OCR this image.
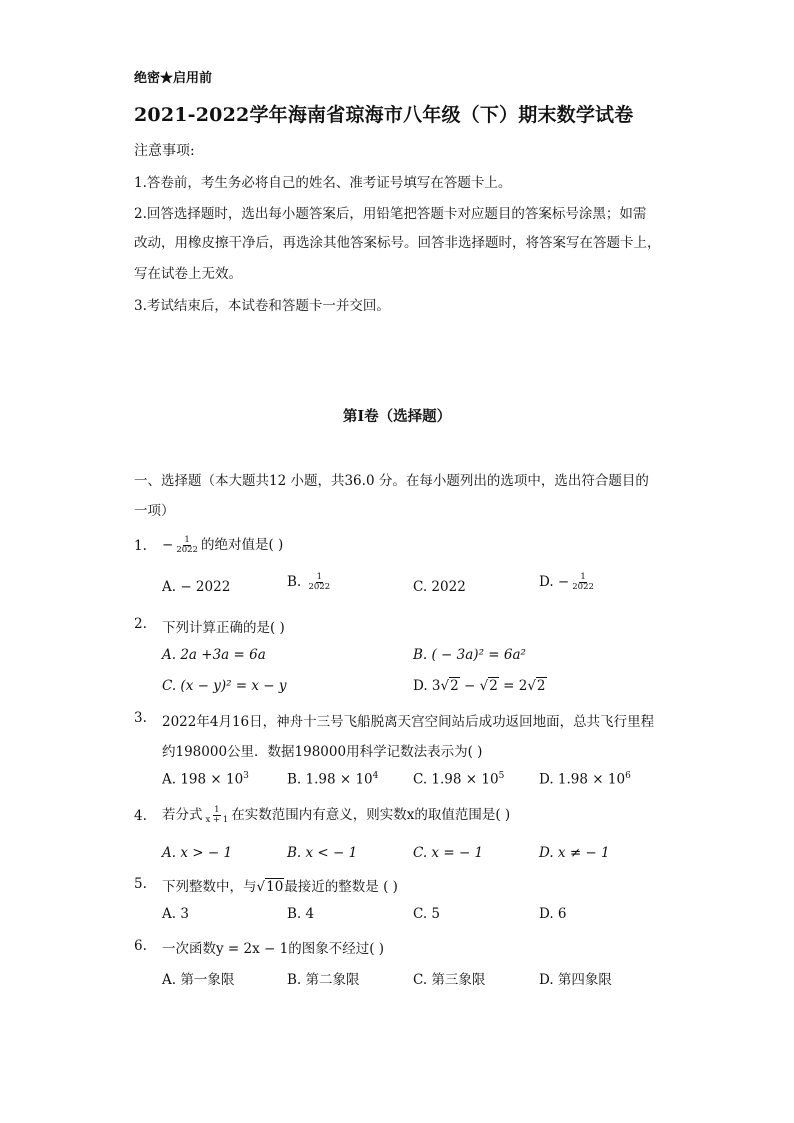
绝密★启用前
2021-2022学年海南省琼海市八年级（下）期末数学试卷
注意事项:
1.答卷前，考生务必将自己的姓名、准考证号填写在答题卡上。
2.回答选择题时，选出每小题答案后，用铅笔把答题卡对应题目的答案标号涂黑；如需
改动，用橡皮擦干净后，再选涂其他答案标号。回答非选择题时，将答案写在答题卡上，
写在试卷上无效。
3.考试结束后，本试卷和答题卡一并交回。
第I卷（选择题）
一、选择题（本大题共12 小题，共36.0 分。在每小题列出的选项中，选出符合题目的
一项）
1. − $\frac{1}{2022}$ 的绝对值是( )
A. − 2022	B. $\frac{1}{2022}$	C. 2022	D. − $\frac{1}{2022}$
2. 下列计算正确的是( )
A. 2a +3a = 6a	B. ( − 3a)² = 6a²
C. (x − y)² = x − y	D. 3√2 − √2 = 2√2
3. 2022年4月16日，神舟十三号飞船脱离天宫空间站后成功返回地面，总共飞行里程
约198000公里．数据198000用科学记数法表示为( )
A. $198 \times 10^3$	B. $1.98 \times 10^4$	C. $1.98 \times 10^5$	D. $1.98 \times 10^6$
4. 若分式 $\frac{1}{x + 1}$ 在实数范围内有意义，则实数x的取值范围是( )
A. x > − 1	B. x < − 1	C. x = − 1	D. x ≠ − 1
5. 下列整数中，与√10最接近的整数是 ( )
A. 3	B. 4	C. 5	D. 6
6. 一次函数y = 2x − 1的图象不经过( )
A. 第一象限	B. 第二象限	C. 第三象限	D. 第四象限
